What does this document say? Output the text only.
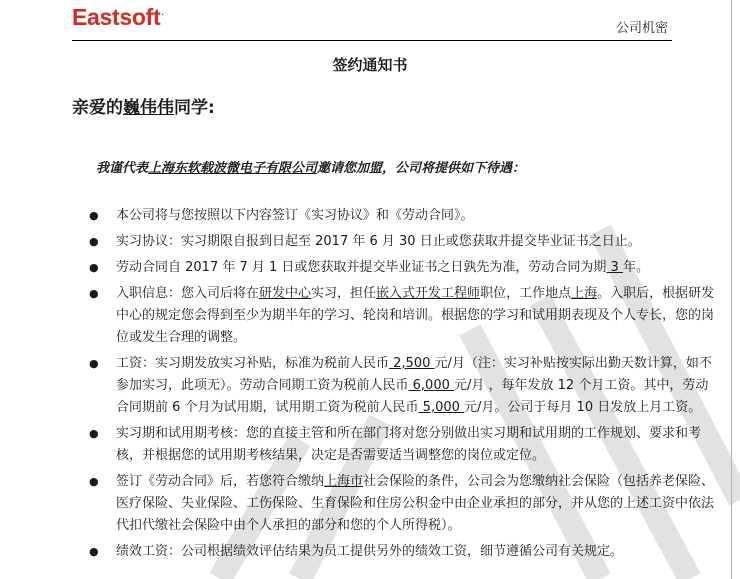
Eastsoft.
公司机密
签约通知书
亲爱的巍伟伟同学:
我谨代表上海东软载波微电子有限公司邀请您加盟，公司将提供如下待遇：
● 本公司将与您按照以下内容签订《实习协议》和《劳动合同》。
● 实习协议：实习期限自报到日起至 2017 年 6 月 30 日止或您获取并提交毕业证书之日止。
● 劳动合同自 2017 年 7 月 1 日或您获取并提交毕业证书之日孰先为准，劳动合同为期 3 年。
● 入职信息：您入司后将在研发中心实习，担任嵌入式开发工程师职位，工作地点上海。入职后，根据研发中心的规定您会得到至少为期半年的学习、轮岗和培训。根据您的学习和试用期表现及个人专长，您的岗位或发生合理的调整。
● 工资：实习期发放实习补贴，标准为税前人民币 2,500 元/月（注：实习补贴按实际出勤天数计算，如不参加实习，此项无）。劳动合同期工资为税前人民币 6,000 元/月 ，每年发放 12 个月工资。其中，劳动合同期前 6 个月为试用期，试用期工资为税前人民币 5,000 元/月。公司于每月 10 日发放上月工资。
● 实习期和试用期考核：您的直接主管和所在部门将对您分别做出实习期和试用期的工作规划、要求和考核，并根据您的试用期考核结果，决定是否需要适当调整您的岗位或定位。
● 签订《劳动合同》后，若您符合缴纳上海市社会保险的条件，公司会为您缴纳社会保险（包括养老保险、医疗保险、失业保险、工伤保险、生育保险和住房公积金中由企业承担的部分，并从您的上述工资中依法代扣代缴社会保险中由个人承担的部分和您的个人所得税）。
● 绩效工资：公司根据绩效评估结果为员工提供另外的绩效工资，细节遵循公司有关规定。
